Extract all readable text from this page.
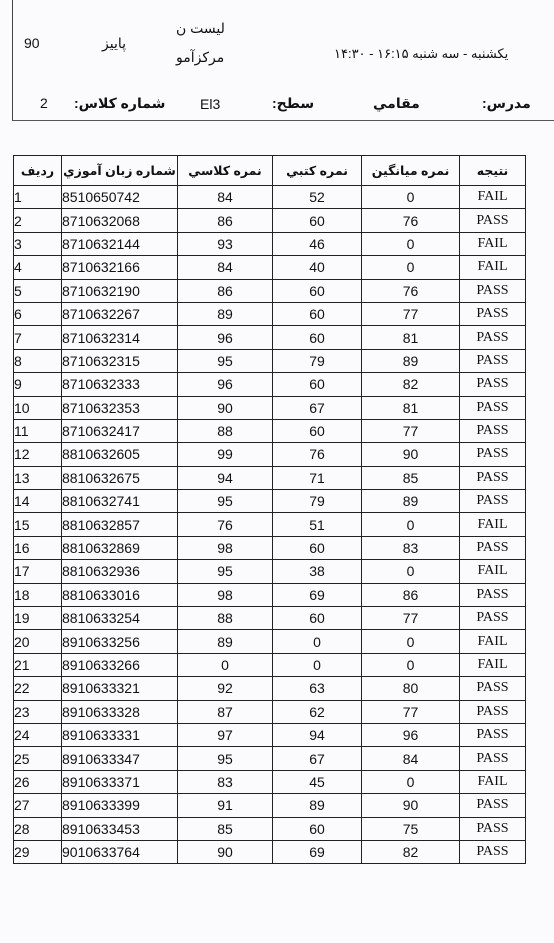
90	پاییز
لیست ن
مرکزآمو	یکشنبه - سه شنبه ۱۶:۱۵ - ۱۴:۳۰
2 شماره کلاس: El3	سطح:	مقامي	مدرس:
رديف	شماره زبان آموزي	نمره كلاسي	نمره كتبي	نمره ميانگين	نتيجه
1	8510650742	84	52	0	FAIL
2	8710632068	86	60	76	PASS
3	8710632144	93	46	0	FAIL
4	8710632166	84	40	0	FAIL
5	8710632190	86	60	76	PASS
6	8710632267	89	60	77	PASS
7	8710632314	96	60	81	PASS
8	8710632315	95	79	89	PASS
9	8710632333	96	60	82	PASS
10	8710632353	90	67	81	PASS
11	8710632417	88	60	77	PASS
12	8810632605	99	76	90	PASS
13	8810632675	94	71	85	PASS
14	8810632741	95	79	89	PASS
15	8810632857	76	51	0	FAIL
16	8810632869	98	60	83	PASS
17	8810632936	95	38	0	FAIL
18	8810633016	98	69	86	PASS
19	8810633254	88	60	77	PASS
20	8910633256	89	0	0	FAIL
21	8910633266	0	0	0	FAIL
22	8910633321	92	63	80	PASS
23	8910633328	87	62	77	PASS
24	8910633331	97	94	96	PASS
25	8910633347	95	67	84	PASS
26	8910633371	83	45	0	FAIL
27	8910633399	91	89	90	PASS
28	8910633453	85	60	75	PASS
29	9010633764	90	69	82	PASS
